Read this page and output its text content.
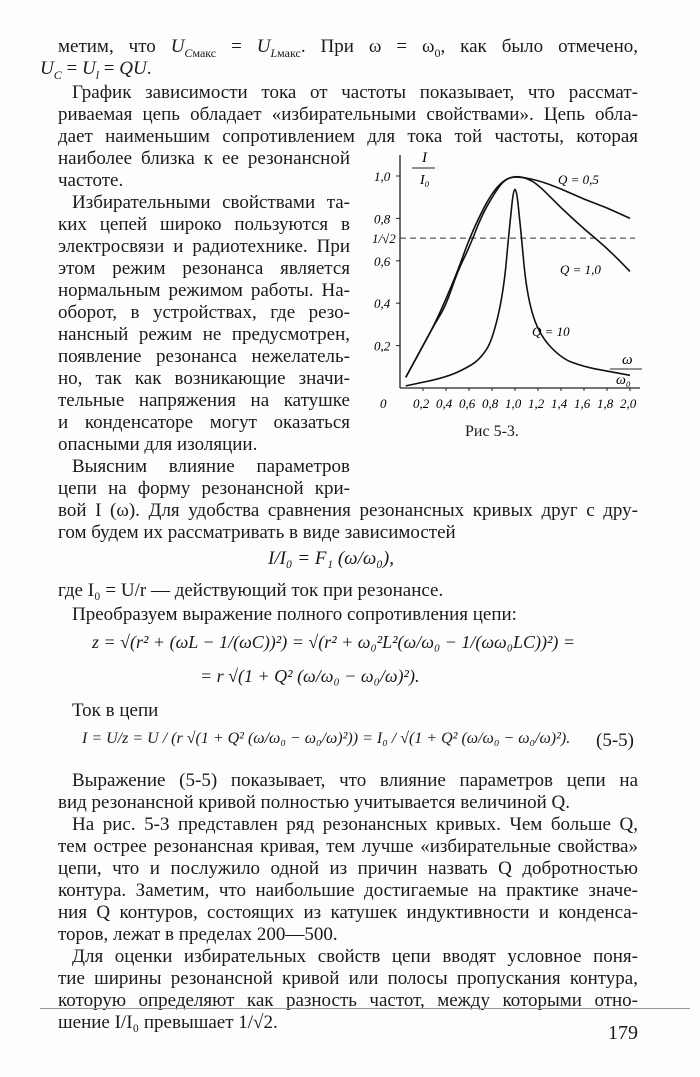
метим, что $U_{Cмакс} = U_{Lмакс}$. При $\omega = \omega_0$, как было отмечено,
$U_C = U_l$ = QU.
График зависимости тока от частоты показывает, что рассмат-
риваемая цепь обладает «избирательными свойствами». Цепь обла-
дает наименьшим сопротивлением для тока той частоты, которая
наиболее близка к ее резонансной
частоте.
Избирательными свойствами та-
ких цепей широко пользуются в
электросвязи и радиотехнике. При
этом режим резонанса является
нормальным режимом работы. На-
оборот, в устройствах, где резо-
нансный режим не предусмотрен,
появление резонанса нежелатель-
но, так как возникающие значи-
тельные напряжения на катушке
и конденсаторе могут оказаться
опасными для изоляции.
Выясним влияние параметров
цепи на форму резонансной кри-
вой I (ω). Для удобства сравнения резонансных кривых друг с дру-
гом будем их рассматривать в виде зависимостей
I/I₀ = F₁ (ω/ω₀),
где I₀ = U/r — действующий ток при резонансе.
Преобразуем выражение полного сопротивления цепи:
z = √(r² + (ωL − 1/(ωC))²) = √(r² + ω₀²L²(ω/ω₀ − 1/(ωω₀LC))²) =
= r √(1 + Q² (ω/ω₀ − ω₀/ω)²).
Ток в цепи
I = U/z = U / (r √(1 + Q² (ω/ω₀ − ω₀/ω)²)) = I₀ / √(1 + Q² (ω/ω₀ − ω₀/ω)²). (5-5)
Выражение (5-5) показывает, что влияние параметров цепи на
вид резонансной кривой полностью учитывается величиной Q.
На рис. 5-3 представлен ряд резонансных кривых. Чем больше Q,
тем острее резонансная кривая, тем лучше «избирательные свойства»
цепи, что и послужило одной из причин назвать Q добротностью
контура. Заметим, что наибольшие достигаемые на практике значе-
ния Q контуров, состоящих из катушек индуктивности и конденса-
торов, лежат в пределах 200—500.
Для оценки избирательных свойств цепи вводят условное поня-
тие ширины резонансной кривой или полосы пропускания контура,
которую определяют как разность частот, между которыми отно-
шение I/I₀ превышает 1/√2.	179
I
I₀
ω
ω₀
0,2
0,4
0,6
0,8
1,0
0 0,2 0,4 0,6 0,8 1,0 1,2 1,4 1,6 1,8 2,0
1/√2
Q = 0,5
Q = 1,0
Q = 10
Рис 5-3.
